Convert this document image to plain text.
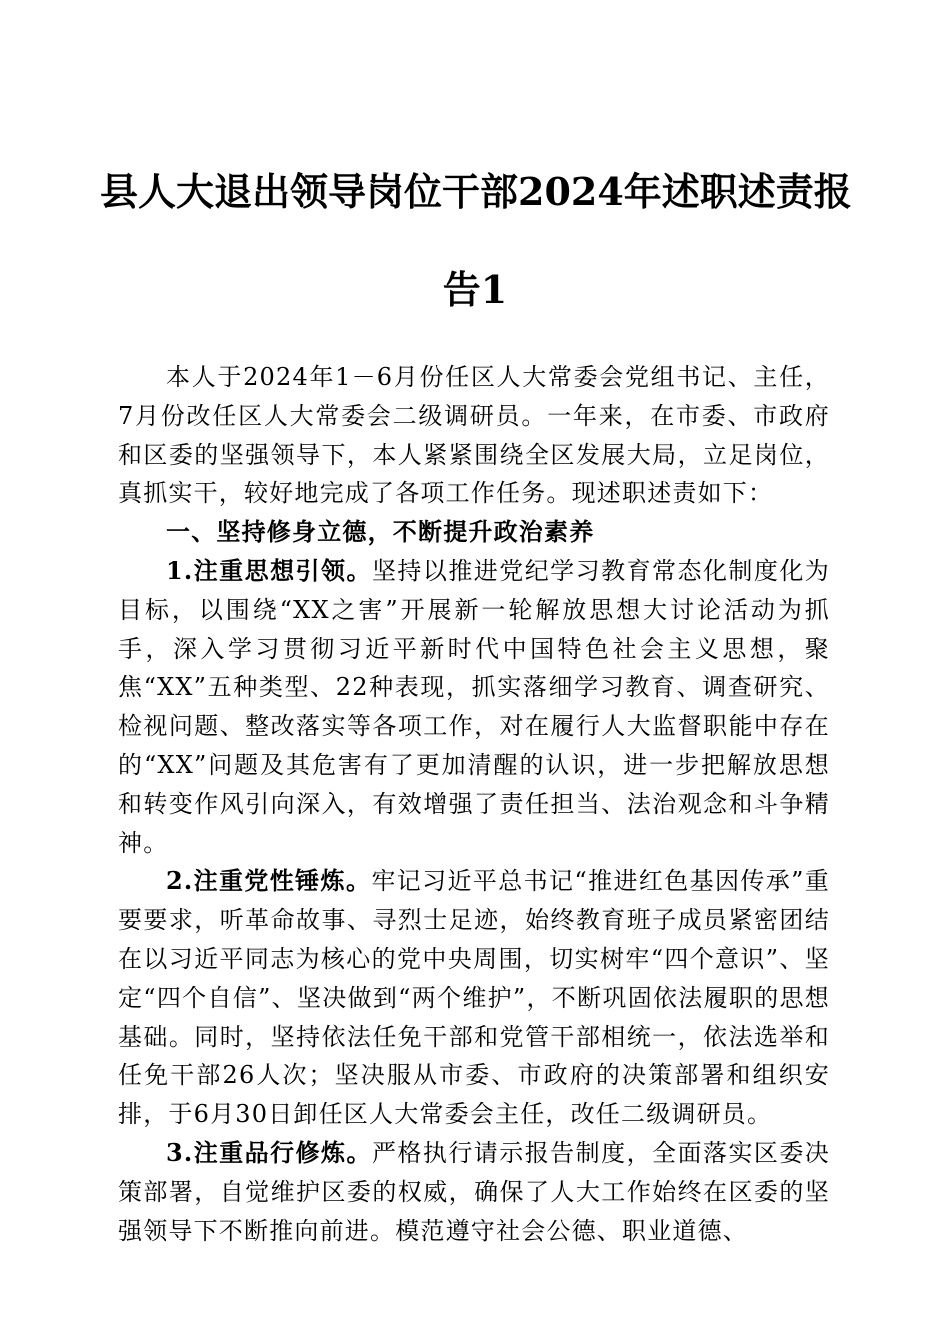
县人大退出领导岗位干部2024年述职述责报
告1

本人于2024年1－6月份任区人大常委会党组书记、主任，7月份改任区人大常委会二级调研员。一年来，在市委、市政府和区委的坚强领导下，本人紧紧围绕全区发展大局，立足岗位，真抓实干，较好地完成了各项工作任务。现述职述责如下：

一、坚持修身立德，不断提升政治素养

1.注重思想引领。坚持以推进党纪学习教育常态化制度化为目标，以围绕“XX之害”开展新一轮解放思想大讨论活动为抓手，深入学习贯彻习近平新时代中国特色社会主义思想，聚焦“XX”五种类型、22种表现，抓实落细学习教育、调查研究、检视问题、整改落实等各项工作，对在履行人大监督职能中存在的“XX”问题及其危害有了更加清醒的认识，进一步把解放思想和转变作风引向深入，有效增强了责任担当、法治观念和斗争精神。

2.注重党性锤炼。牢记习近平总书记“推进红色基因传承”重要要求，听革命故事、寻烈士足迹，始终教育班子成员紧密团结在以习近平同志为核心的党中央周围，切实树牢“四个意识”、坚定“四个自信”、坚决做到“两个维护”，不断巩固依法履职的思想基础。同时，坚持依法任免干部和党管干部相统一，依法选举和任免干部26人次；坚决服从市委、市政府的决策部署和组织安排，于6月30日卸任区人大常委会主任，改任二级调研员。

3.注重品行修炼。严格执行请示报告制度，全面落实区委决策部署，自觉维护区委的权威，确保了人大工作始终在区委的坚强领导下不断推向前进。模范遵守社会公德、职业道德、
